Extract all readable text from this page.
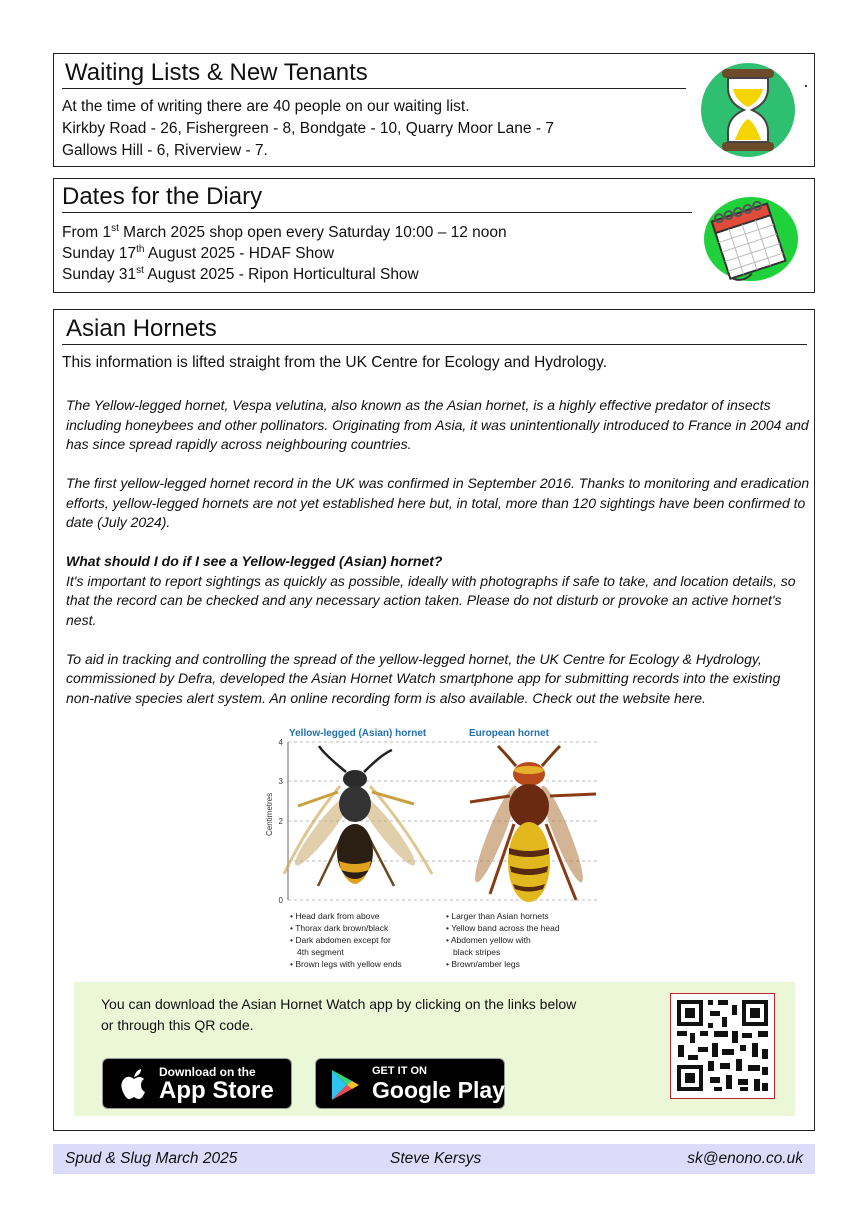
Waiting Lists & New Tenants
At the time of writing there are 40 people on our waiting list.
Kirkby Road - 26, Fishergreen - 8, Bondgate - 10, Quarry Moor Lane - 7
Gallows Hill - 6, Riverview - 7.
Dates for the Diary
From 1st March 2025 shop open every Saturday 10:00 – 12 noon
Sunday 17th August 2025 - HDAF Show
Sunday 31st August 2025 - Ripon Horticultural Show
Asian Hornets
This information is lifted straight from the UK Centre for Ecology and Hydrology.

The Yellow-legged hornet, Vespa velutina, also known as the Asian hornet, is a highly effective predator of insects including honeybees and other pollinators. Originating from Asia, it was unintentionally introduced to France in 2004 and has since spread rapidly across neighbouring countries.

The first yellow-legged hornet record in the UK was confirmed in September 2016. Thanks to monitoring and eradication efforts, yellow-legged hornets are not yet established here but, in total, more than 120 sightings have been confirmed to date (July 2024).

What should I do if I see a Yellow-legged (Asian) hornet?

It's important to report sightings as quickly as possible, ideally with photographs if safe to take, and location details, so that the record can be checked and any necessary action taken. Please do not disturb or provoke an active hornet's nest.

To aid in tracking and controlling the spread of the yellow-legged hornet, the UK Centre for Ecology & Hydrology, commissioned by Defra, developed the Asian Hornet Watch smartphone app for submitting records into the existing non-native species alert system. An online recording form is also available. Check out the website here.

Yellow-legged (Asian) hornet	European hornet
4
3
2
0
Centimetres
• Head dark from above
• Thorax dark brown/black
• Dark abdomen except for
4th segment
• Brown legs with yellow ends
• Larger than Asian hornets
• Yellow band across the head
• Abdomen yellow with
black stripes
• Brown/amber legs
You can download the Asian Hornet Watch app by clicking on the links below
or through this QR code.
Download on the
App Store
GET IT ON
Google Play
Spud & Slug March 2025	Steve Kersys	sk@enono.co.uk
